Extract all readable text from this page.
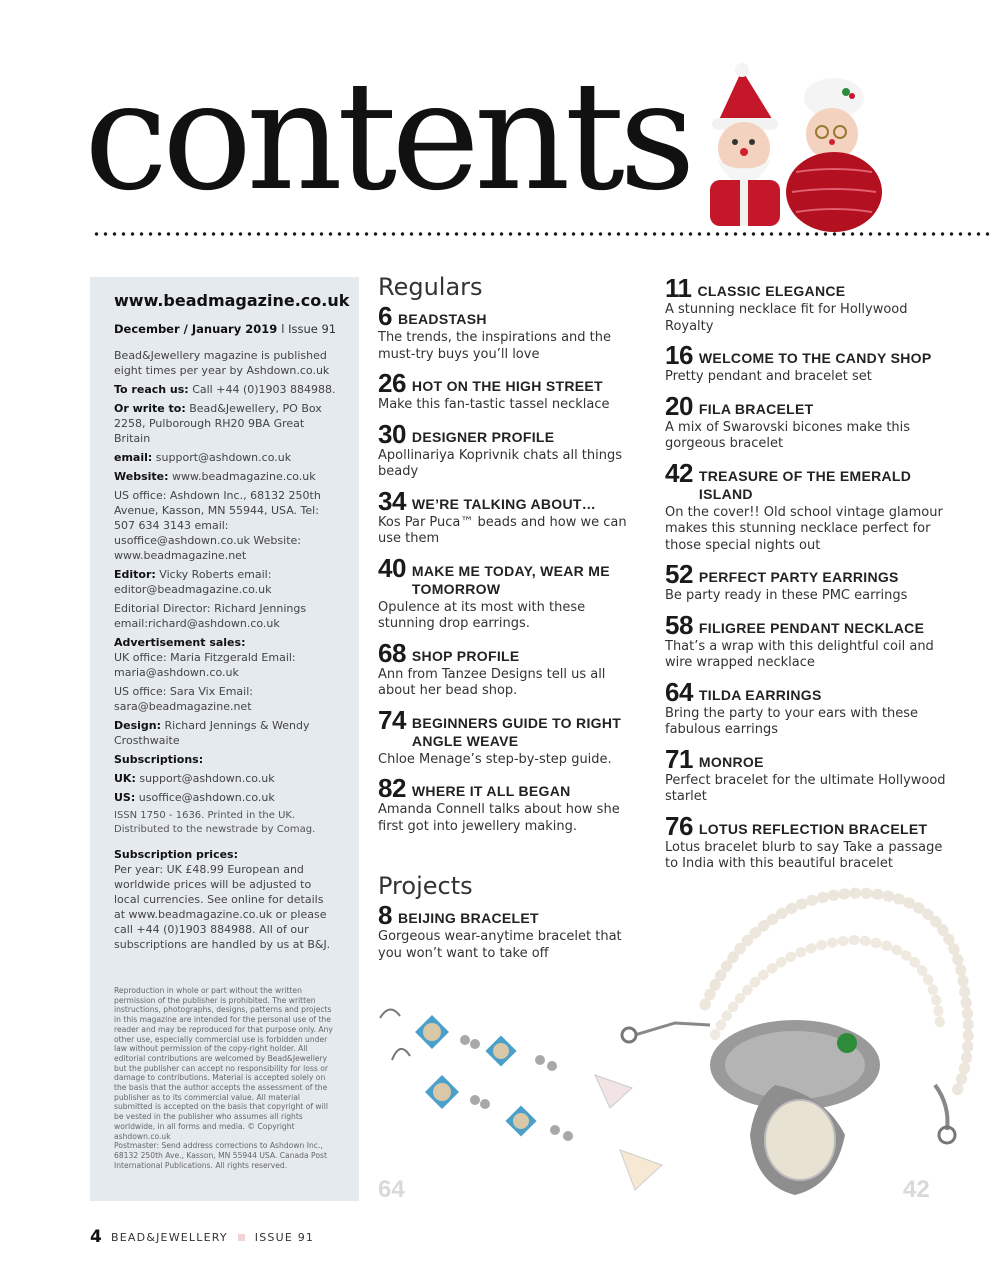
contents

www.beadmagazine.co.uk

December / January 2019 l Issue 91

Bead&Jewellery magazine is published eight times per year by Ashdown.co.uk

To reach us: Call +44 (0)1903 884988.

Or write to: Bead&Jewellery, PO Box 2258, Pulborough RH20 9BA Great Britain

email: support@ashdown.co.uk

Website: www.beadmagazine.co.uk

US office: Ashdown Inc., 68132 250th Avenue, Kasson, MN 55944, USA. Tel: 507 634 3143 email: usoffice@ashdown.co.uk Website: www.beadmagazine.net

Editor: Vicky Roberts email: editor@beadmagazine.co.uk

Editorial Director: Richard Jennings email:richard@ashdown.co.uk

Advertisement sales:

UK office: Maria Fitzgerald Email: maria@ashdown.co.uk

US office: Sara Vix Email: sara@beadmagazine.net

Design: Richard Jennings & Wendy Crosthwaite

Subscriptions:

UK: support@ashdown.co.uk

US: usoffice@ashdown.co.uk

ISSN 1750 - 1636. Printed in the UK. Distributed to the newstrade by Comag.

Subscription prices:

Per year: UK £48.99 European and worldwide prices will be adjusted to local currencies. See online for details at www.beadmagazine.co.uk or please call +44 (0)1903 884988. All of our subscriptions are handled by us at B&J.

Reproduction in whole or part without the written permission of the publisher is prohibited. The written instructions, photographs, designs, patterns and projects in this magazine are intended for the personal use of the reader and may be reproduced for that purpose only. Any other use, especially commercial use is forbidden under law without permission of the copy-right holder. All editorial contributions are welcomed by Bead&Jewellery but the publisher can accept no responsibility for loss or damage to contributions. Material is accepted solely on the basis that the author accepts the assessment of the publisher as to its commercial value. All material submitted is accepted on the basis that copyright of will be vested in the publisher who assumes all rights worldwide, in all forms and media. © Copyright ashdown.co.uk

Postmaster: Send address corrections to Ashdown Inc., 68132 250th Ave., Kasson, MN 55944 USA. Canada Post International Publications. All rights reserved.

Regulars
6 BEADSTASH
The trends, the inspirations and the must-try buys you’ll love
26 HOT ON THE HIGH STREET
Make this fan-tastic tassel necklace
30 DESIGNER PROFILE
Apollinariya Koprivnik chats all things beady
34 WE’RE TALKING ABOUT…
Kos Par Puca™ beads and how we can use them
40 MAKE ME TODAY, WEAR ME TOMORROW
Opulence at its most with these stunning drop earrings.
68 SHOP PROFILE
Ann from Tanzee Designs tell us all about her bead shop.
74 BEGINNERS GUIDE TO RIGHT ANGLE WEAVE
Chloe Menage’s step-by-step guide.
82 WHERE IT ALL BEGAN
Amanda Connell talks about how she first got into jewellery making.
Projects
8 BEIJING BRACELET
Gorgeous wear-anytime bracelet that you won’t want to take off
11 CLASSIC ELEGANCE
A stunning necklace fit for Hollywood Royalty
16 WELCOME TO THE CANDY SHOP
Pretty pendant and bracelet set
20 FILA BRACELET
A mix of Swarovski bicones make this gorgeous bracelet
42 TREASURE OF THE EMERALD ISLAND
On the cover!! Old school vintage glamour makes this stunning necklace perfect for those special nights out
52 PERFECT PARTY EARRINGS
Be party ready in these PMC earrings
58 FILIGREE PENDANT NECKLACE
That’s a wrap with this delightful coil and wire wrapped necklace
64 TILDA EARRINGS
Bring the party to your ears with these fabulous earrings
71 MONROE
Perfect bracelet for the ultimate Hollywood starlet
76 LOTUS REFLECTION BRACELET
Lotus bracelet blurb to say Take a passage to India with this beautiful bracelet
64	42
4 BEAD&JEWELLERY ISSUE 91
